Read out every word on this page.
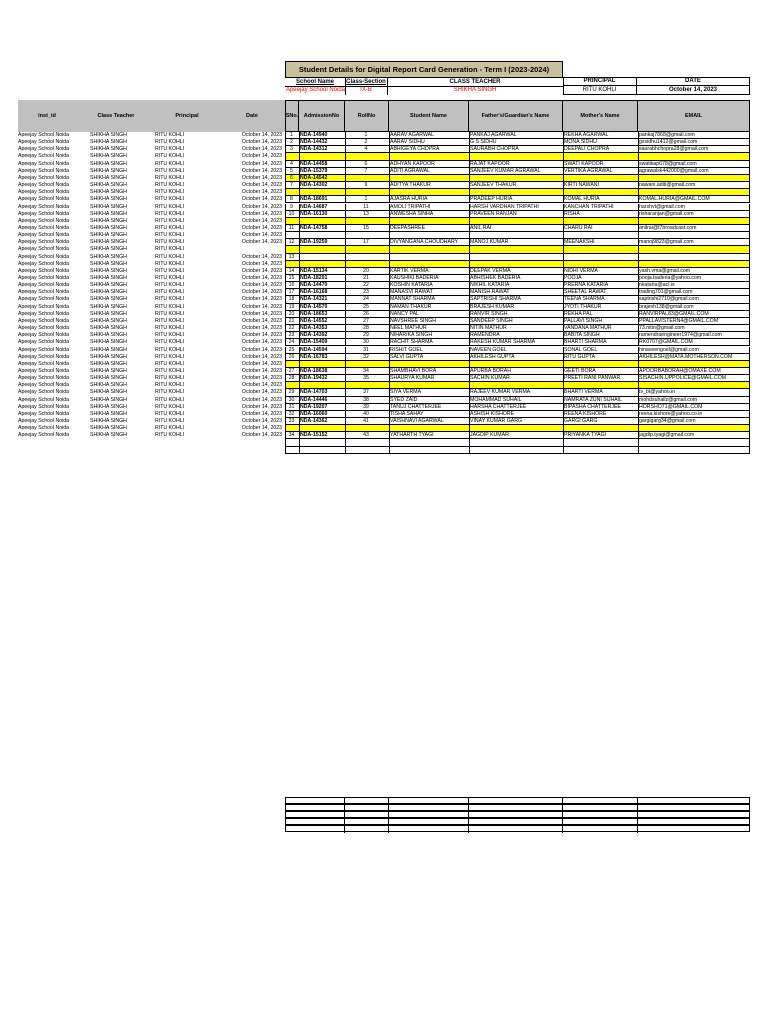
Student Details for Digital Report Card Generation - Term I (2023-2024)
School Name
Apeejay School Noida
Class-Section
IX-B
CLASS TEACHER
SHIKHA SINGH
PRINCIPAL
RITU KOHLI
DATE
October 14, 2023
inst_id	Class Teacher	Principal	Date	SNo.	AdmissionNo	RollNo	Student Name	Father's/Guardian's Name	Mother's Name	EMAIL
Apeejay School Noida	SHIKHA SINGH	RITU KOHLI	October 14, 2023	1	NDA-14940	1	AARAV AGARWAL	PANKAJ AGARWAL	REKHA AGARWAL	pankaj7868@gmail.com
Apeejay School Noida	SHIKHA SINGH	RITU KOHLI	October 14, 2023	2	NDA-14432	2	AARAV SIDHU	G S SIDHU	MONA SIDHU	gssidhu1412@gmail.com
Apeejay School Noida	SHIKHA SINGH	RITU KOHLI	October 14, 2023	3	NDA-14312	4	ABHIGEYA CHOPRA	SAURABH CHOPRA	DEEPALI CHOPRA	saurabhchopra28@gmail.com
Apeejay School Noida	SHIKHA SINGH	RITU KOHLI	October 14, 2023
Apeejay School Noida	SHIKHA SINGH	RITU KOHLI	October 14, 2023	4	NDA-14458	6	ADHYAN KAPOOR	RAJAT KAPOOR	SWATI KAPOOR	swatikap678@gmail.com
Apeejay School Noida	SHIKHA SINGH	RITU KOHLI	October 14, 2023	5	NDA-15379	7	ADITI AGRAWAL	SANJEEV KUMAR AGRAWAL	VERTIKA AGRAWAL	agrawalsk442000@gmail.com
Apeejay School Noida	SHIKHA SINGH	RITU KOHLI	October 14, 2023	6	NDA-14542
Apeejay School Noida	SHIKHA SINGH	RITU KOHLI	October 14, 2023	7	NDA-14302	9	ADITYA THAKUR	SANJEEV THAKUR	KIRTI NAWANI	nawani.aditi@gmail.com
Apeejay School Noida	SHIKHA SINGH	RITU KOHLI	October 14, 2023
Apeejay School Noida	SHIKHA SINGH	RITU KOHLI	October 14, 2023	8	NDA-18691	1	AJASRA HURIA	PRADEEP HURIA	KOMAL HURIA	KOMAL.HURIA@GMAIL.COM
Apeejay School Noida	SHIKHA SINGH	RITU KOHLI	October 14, 2023	9	NDA-14687	11	AMOLI TRIPATHI	HARSH VARDHAN TRIPATHI	KANCHAN TRIPATHI	harshvt@gmail.com
Apeejay School Noida	SHIKHA SINGH	RITU KOHLI	October 14, 2023	10	NDA-16130	13	ANWESHA SINHA	PRAVEEN RANJAN	RISHA	risharanjan@gmail.com
Apeejay School Noida	SHIKHA SINGH	RITU KOHLI	October 14, 2023
Apeejay School Noida	SHIKHA SINGH	RITU KOHLI	October 14, 2023	11	NDA-14758	15	DEEPASHREE	ANIL RAI	CHARU RAI	anilrai@f7broadcast.com
Apeejay School Noida	SHIKHA SINGH	RITU KOHLI	October 14, 2023
Apeejay School Noida	SHIKHA SINGH	RITU KOHLI	October 14, 2023	12	NDA-19259	17	DIVYANGANA CHOUDHARY	MANOJ KUMAR	MEENAKSHI	manoj9823@gmail.com
Apeejay School Noida	SHIKHA SINGH	RITU KOHLI
Apeejay School Noida	SHIKHA SINGH	RITU KOHLI	October 14, 2023	13
Apeejay School Noida	SHIKHA SINGH	RITU KOHLI	October 14, 2023
Apeejay School Noida	SHIKHA SINGH	RITU KOHLI	October 14, 2023	14	NDA-15134	20	KARTIK VERMA	DEEPAK VERMA	NIDHI VERMA	yash.vma@gmail.com
Apeejay School Noida	SHIKHA SINGH	RITU KOHLI	October 14, 2023	15	NDA-18201	21	KAUSHIKI BADERIA	ABHISHEK BADERIA	POOJA	pooja.baderia@yahoo.com
Apeejay School Noida	SHIKHA SINGH	RITU KOHLI	October 14, 2023	16	NDA-14470	22	KOSHIN KATARIA	NIKHIL KATARIA	PRERNA KATARIA	nkataria@acl.is
Apeejay School Noida	SHIKHA SINGH	RITU KOHLI	October 14, 2023	17	NDA-16168	23	MANASVI RAWAT	MANISH RAWAT	SHEETAL RAWAT	trading701@gmail.com
Apeejay School Noida	SHIKHA SINGH	RITU KOHLI	October 14, 2023	18	NDA-14321	24	MANNAT SHARMA	SAPTRISHI SHARMA	TEENA SHARMA	saptrishi2710@gmail.com
Apeejay School Noida	SHIKHA SINGH	RITU KOHLI	October 14, 2023	19	NDA-14570	25	NAMAN THAKUR	BRAJESH KUMAR	JYOTI THAKUR	brajesh138@gmail.com
Apeejay School Noida	SHIKHA SINGH	RITU KOHLI	October 14, 2023	20	NDA-18653	26	NANCY PAL	RANVIR SINGH	REKHA PAL	RANVIRPAL83@GMAIL.COM
Apeejay School Noida	SHIKHA SINGH	RITU KOHLI	October 14, 2023	21	NDA-14552	27	NAVSHREE SINGH	SANDEEP SINGH	PALLAVI SINGH	PPALLAVISTERN4@GMAIL.COM
Apeejay School Noida	SHIKHA SINGH	RITU KOHLI	October 14, 2023	22	NDA-14353	28	NEEL MATHUR	NITIN MATHUR	VANDANA MATHUR	73.nitin@gmail.com
Apeejay School Noida	SHIKHA SINGH	RITU KOHLI	October 14, 2023	23	NDA-14392	29	NIHARIKA SINGH	RAMENDRA	BABITA SINGH	ramendraengineer1974@gmail.com
Apeejay School Noida	SHIKHA SINGH	RITU KOHLI	October 14, 2023	24	NDA-15409	30	RACHIT SHARMA	RAKESH KUMAR SHARMA	BHARTI SHARMA	RK0707@GMAIL.COM
Apeejay School Noida	SHIKHA SINGH	RITU KOHLI	October 14, 2023	25	NDA-14594	31	RISHIT GOEL	NAVEEN GOEL	SONAL GOEL	hinaveengoel@gmail.com
Apeejay School Noida	SHIKHA SINGH	RITU KOHLI	October 14, 2023	26	NDA-16783	32	SALVI GUPTA	AKHILESH GUPTA	RITU GUPTA	AKHILESH@MATA.MOTHERSON.COM
Apeejay School Noida	SHIKHA SINGH	RITU KOHLI	October 14, 2023
Apeejay School Noida	SHIKHA SINGH	RITU KOHLI	October 14, 2023	27	NDA-18638	34	SHAMBHAVI BORA	APURBA BORAH	GEETI BORA	APOORBABORAH@OMAXE.COM
Apeejay School Noida	SHIKHA SINGH	RITU KOHLI	October 14, 2023	28	NDA-19432	35	SHAURYA KUMAR	SACHIN KUMAR	PREETI RANI PANWAR	SISACHIN.UPPOLICE@GMAIL.COM
Apeejay School Noida	SHIKHA SINGH	RITU KOHLI	October 14, 2023
Apeejay School Noida	SHIKHA SINGH	RITU KOHLI	October 14, 2023	29	NDA-14703	37	SIYA VERMA	RAJEEV KUMAR VERMA	BHARTI VERMA	tv_bt@yahoo.in
Apeejay School Noida	SHIKHA SINGH	RITU KOHLI	October 14, 2023	30	NDA-14446	38	SYED ZAID	MOHAMMAD SUHAIL	NAMRATA ZUNI SUHAIL	mohdsuhailz@gmail.com
Apeejay School Noida	SHIKHA SINGH	RITU KOHLI	October 14, 2023	31	NDA-19207	39	TANUJ CHATTERJEE	HARSHA CHATTERJEE	BIPASHA CHATTERJEE	HORSHO71@GMAIL.COM
Apeejay School Noida	SHIKHA SINGH	RITU KOHLI	October 14, 2023	32	NDA-16060	40	TISHA SAHAY	ASHISH KISHORE	REENA KISHORE	reena.kishore@yahoo.co.in
Apeejay School Noida	SHIKHA SINGH	RITU KOHLI	October 14, 2023	33	NDA-14362	41	VAISHNAVI AGARWAL	VINAY KUMAR GARG	GARGI GARG	gargigarg34@gmail.com
Apeejay School Noida	SHIKHA SINGH	RITU KOHLI	October 14, 2023
Apeejay School Noida	SHIKHA SINGH	RITU KOHLI	October 14, 2023	34	NDA-15152	43	YATHARTH TYAGI	JAGDIP KUMAR	PRIYANKA TYAGI	jagdip.tyagi@gmail.com
